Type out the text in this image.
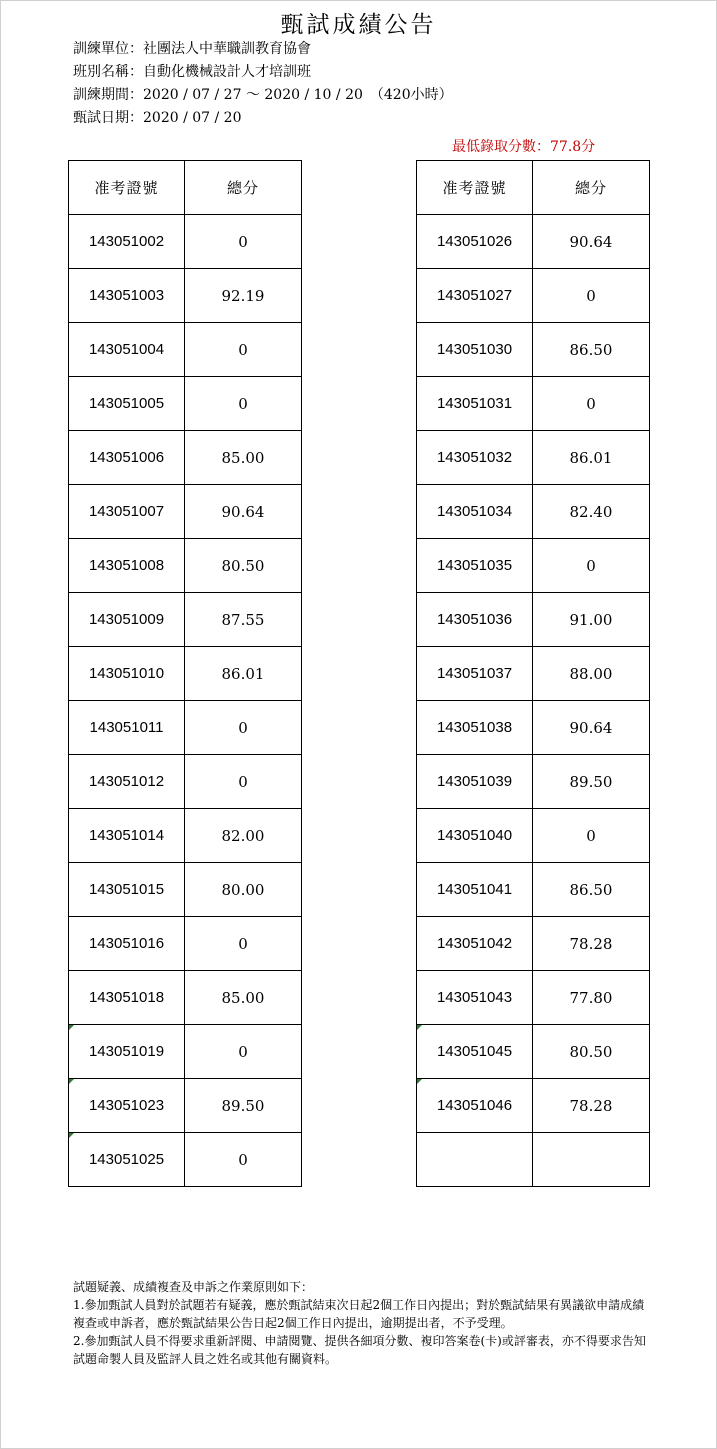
甄試成績公告
訓練單位：社團法人中華職訓教育協會
班別名稱：自動化機械設計人才培訓班
訓練期間：2020 / 07 / 27 ～ 2020 / 10 / 20　（420小時）
甄試日期：2020 / 07 / 20
最低錄取分數：77.8分
准考證號	總分
143051002	0
143051003	92.19
143051004	0
143051005	0
143051006	85.00
143051007	90.64
143051008	80.50
143051009	87.55
143051010	86.01
143051011	0
143051012	0
143051014	82.00
143051015	80.00
143051016	0
143051018	85.00
143051019	0
143051023	89.50
143051025	0
准考證號	總分
143051026	90.64
143051027	0
143051030	86.50
143051031	0
143051032	86.01
143051034	82.40
143051035	0
143051036	91.00
143051037	88.00
143051038	90.64
143051039	89.50
143051040	0
143051041	86.50
143051042	78.28
143051043	77.80
143051045	80.50
143051046	78.28

試題疑義、成績複查及申訴之作業原則如下：
1.參加甄試人員對於試題若有疑義，應於甄試結束次日起2個工作日內提出；對於甄試結果有異議欲申請成績複查或申訴者，應於甄試結果公告日起2個工作日內提出，逾期提出者，不予受理。
2.參加甄試人員不得要求重新評閱、申請閱覽、提供各細項分數、複印答案卷(卡)或評審表，亦不得要求告知試題命製人員及監評人員之姓名或其他有關資料。
